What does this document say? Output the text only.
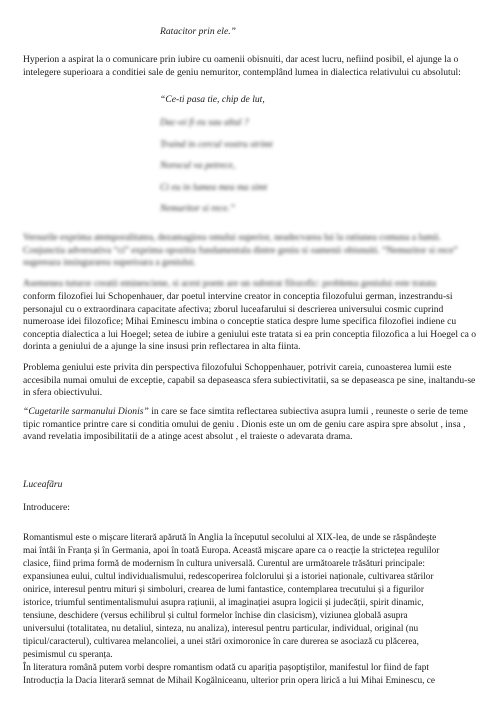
Ratacitor prin ele.”

Hyperion a aspirat la o comunicare prin iubire cu oamenii obisnuiti, dar acest lucru, nefiind posibil, el ajunge la o intelegere superioara a conditiei sale de geniu nemuritor, contemplând lumea in dialectica relativului cu absolutul:

“Ce-ti pasa tie, chip de lut,

Dac-oi fi eu sau altul ?
Traind in cercul vostru strimt
Norocul va petrece,
Ci eu in lumea mea ma simt
Nemuritor si rece.”

Versurile exprima atemporalitatea, dezamagirea omului superior, neadecvarea lui la ratiunea comuna a lumii. Conjunctia adversativa “ci” exprima opozitia fundamentala dintre geniu si oamenii obisnuiti. “Nemuritor si rece” sugereaza insingurarea superioara a geniului.

Asemenea tuturor creatii eminesciene, si acest poem are un substrat filozofic: problema geniului este tratata

conform filozofiei lui Schopenhauer, dar poetul intervine creator in conceptia filozofului german, inzestrandu-si personajul cu o extraordinara capacitate afectiva; zborul luceafarului si descrierea universului cosmic cuprind numeroase idei filozofice; Mihai Eminescu imbina o conceptie statica despre lume specifica filozofiei indiene cu conceptia dialectica a lui Hoegel; setea de iubire a geniului este tratata si ea prin conceptia filozofica a lui Hoegel ca o dorinta a geniului de a ajunge la sine insusi prin reflectarea in alta fiinta.

Problema geniului este privita din perspectiva filozofului Schoppenhauer, potrivit careia, cunoasterea lumii este accesibila numai omului de exceptie, capabil sa depaseasca sfera subiectivitatii, sa se depaseasca pe sine, inaltandu-se in sfera obiectivului.

“Cugetarile sarmanului Dionis” in care se face simtita reflectarea subiectiva asupra lumii , reuneste o serie de teme tipic romantice printre care si conditia omului de geniu . Dionis este un om de geniu care aspira spre absolut , insa , avand revelatia imposibilitatii de a atinge acest absolut , el traieste o adevarata drama.

Luceafãru

Introducere:

Romantismul este o mișcare literară apărută în Anglia la începutul secolului al XIX-lea, de unde se răspândește
mai întâi în Franța și în Germania, apoi în toată Europa. Această mișcare apare ca o reacție la strictețea regulilor
clasice, fiind prima formă de modernism în cultura universală. Curentul are următoarele trăsături principale:
expansiunea eului, cultul individualismului, redescoperirea folclorului și a istoriei naționale, cultivarea stărilor
onirice, interesul pentru mituri și simboluri, crearea de lumi fantastice, contemplarea trecutului și a figurilor
istorice, triumful sentimentalismului asupra rațiunii, al imaginației asupra logicii și judecății, spirit dinamic,
tensiune, deschidere (versus echilibrul și cultul formelor închise din clasicism), viziunea globală asupra
universului (totalitatea, nu detaliul, sinteza, nu analiza), interesul pentru particular, individual, original (nu
tipicul/caracterul), cultivarea melancoliei, a unei stări oximoronice în care durerea se asociază cu plăcerea,
pesimismul cu speranța.
În literatura română putem vorbi despre romantism odată cu apariția pașoptiștilor, manifestul lor fiind de fapt
Introducția la Dacia literară semnat de Mihail Kogălniceanu, ulterior prin opera lirică a lui Mihai Eminescu, ce
